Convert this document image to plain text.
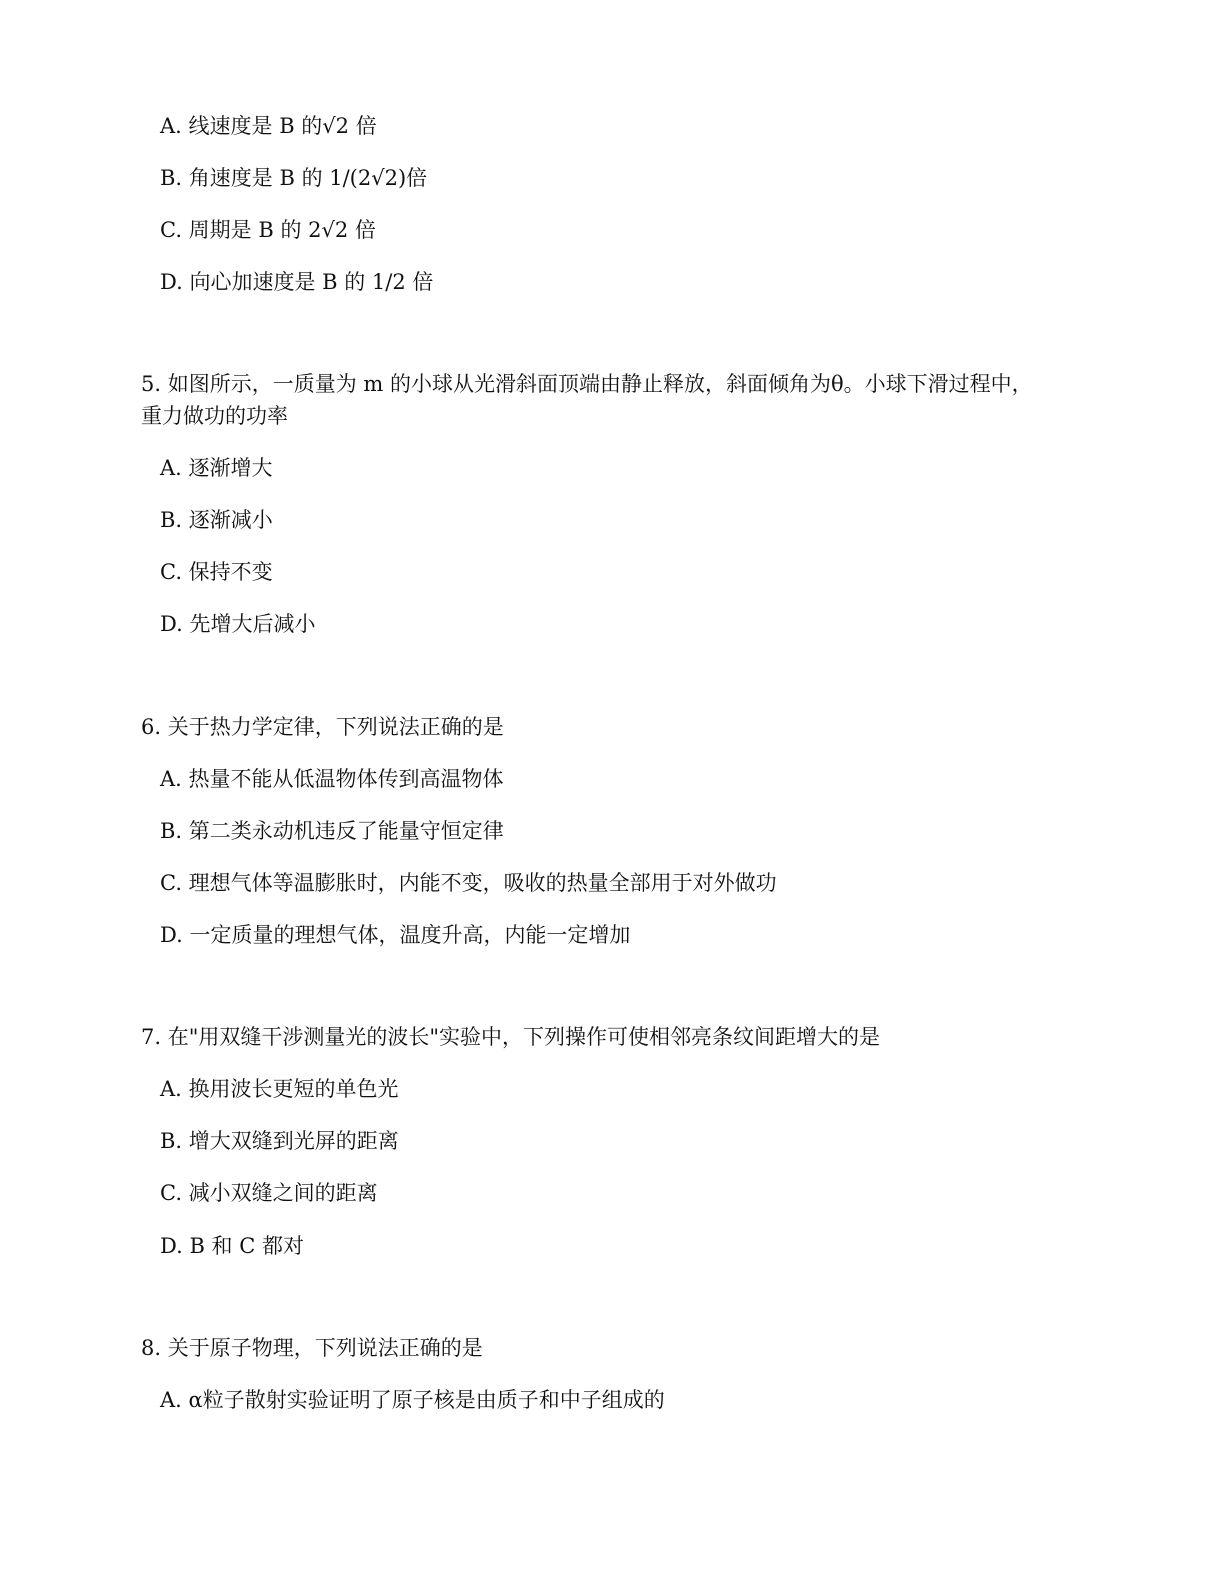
A. 线速度是 B 的√2 倍
B. 角速度是 B 的 1/(2√2)倍
C. 周期是 B 的 2√2 倍
D. 向心加速度是 B 的 1/2 倍
5. 如图所示，一质量为 m 的小球从光滑斜面顶端由静止释放，斜面倾角为θ。小球下滑过程中，
重力做功的功率
A. 逐渐增大
B. 逐渐减小
C. 保持不变
D. 先增大后减小
6. 关于热力学定律，下列说法正确的是
A. 热量不能从低温物体传到高温物体
B. 第二类永动机违反了能量守恒定律
C. 理想气体等温膨胀时，内能不变，吸收的热量全部用于对外做功
D. 一定质量的理想气体，温度升高，内能一定增加
7. 在"用双缝干涉测量光的波长"实验中，下列操作可使相邻亮条纹间距增大的是
A. 换用波长更短的单色光
B. 增大双缝到光屏的距离
C. 减小双缝之间的距离
D. B 和 C 都对
8. 关于原子物理，下列说法正确的是
A. α粒子散射实验证明了原子核是由质子和中子组成的
